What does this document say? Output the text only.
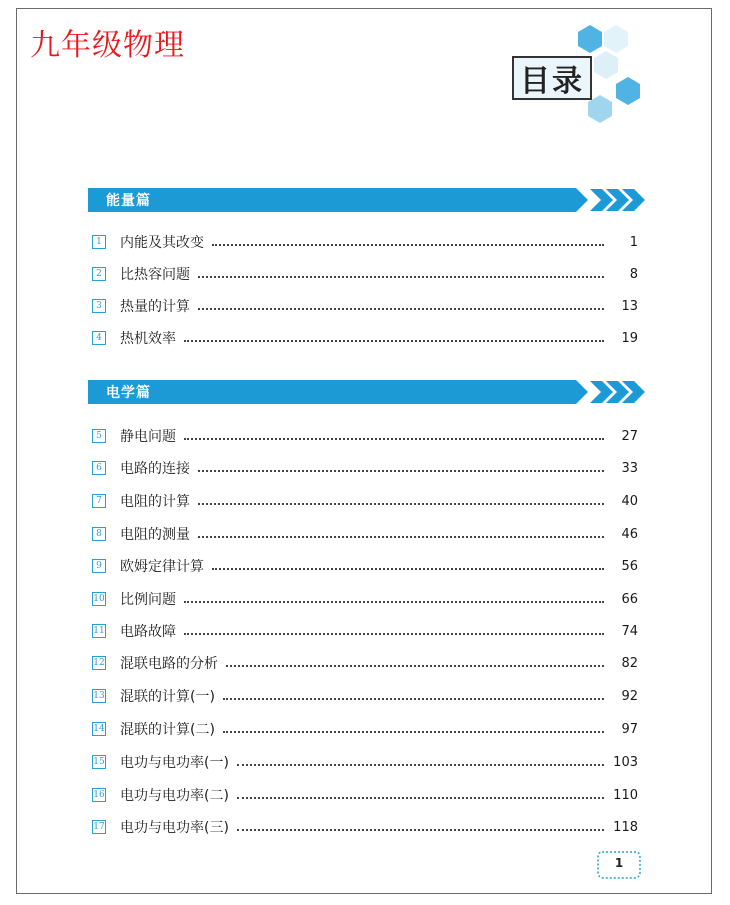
九年级物理
目录
能量篇
1 内能及其改变	1
2 比热容问题	8
3 热量的计算	13
4 热机效率	19
电学篇
5 静电问题	27
6 电路的连接	33
7 电阻的计算	40
8 电阻的测量	46
9 欧姆定律计算	56
10 比例问题	66
11 电路故障	74
12 混联电路的分析	82
13 混联的计算(一)	92
14 混联的计算(二)	97
15 电功与电功率(一)	103
16 电功与电功率(二)	110
17 电功与电功率(三)	118
1
